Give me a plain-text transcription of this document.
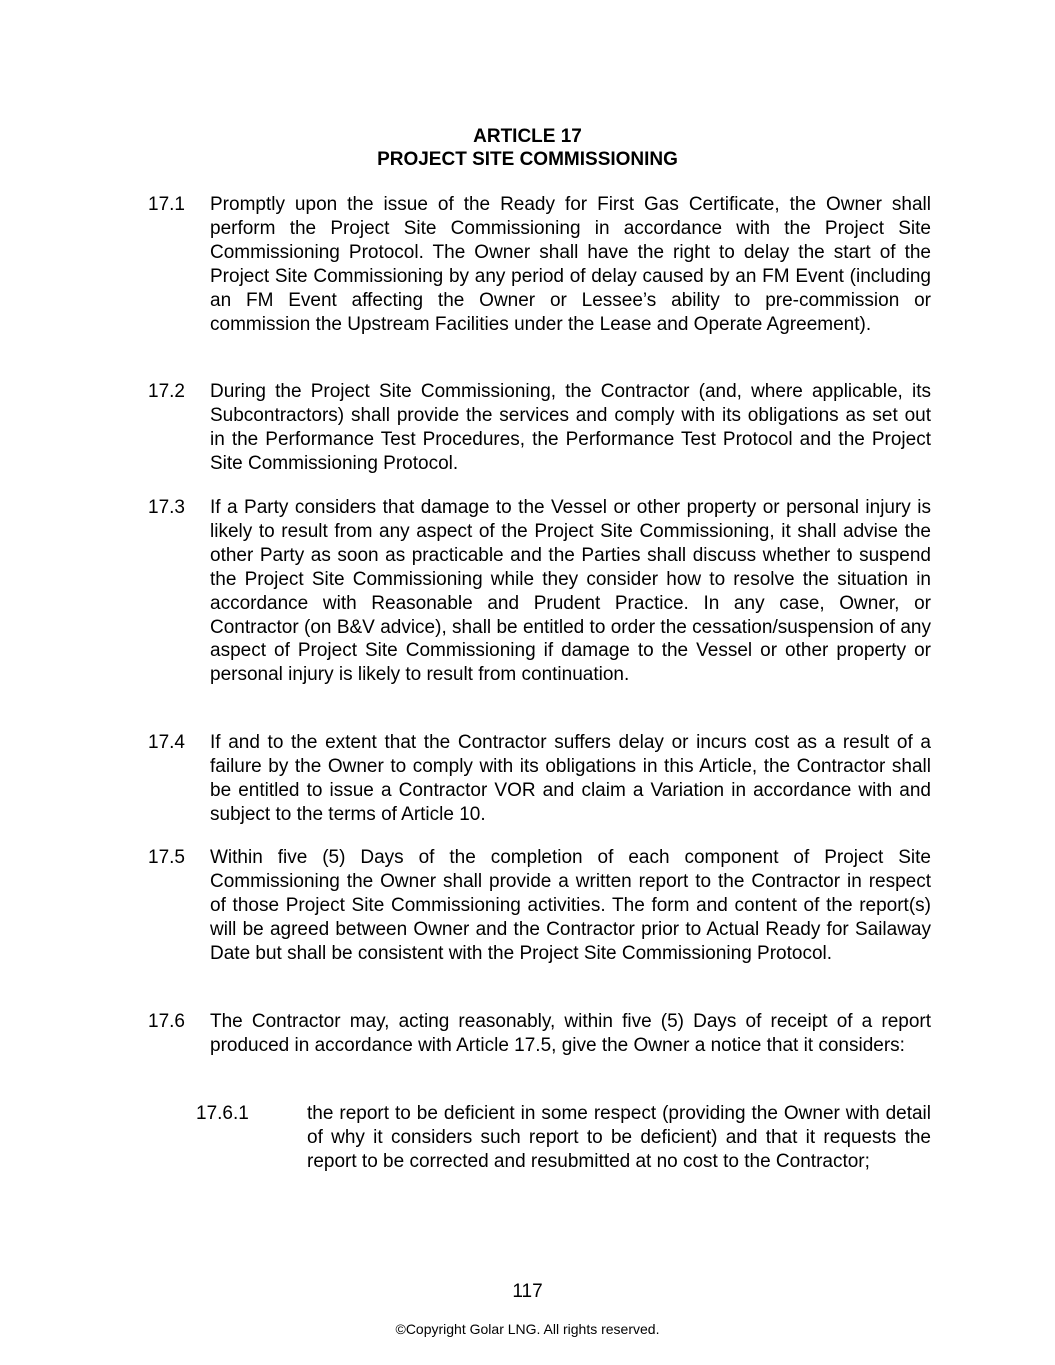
ARTICLE 17
PROJECT SITE COMMISSIONING
17.1	Promptly upon the issue of the Ready for First Gas Certificate, the Owner shall perform the Project Site Commissioning in accordance with the Project Site Commissioning Protocol. The Owner shall have the right to delay the start of the Project Site Commissioning by any period of delay caused by an FM Event (including an FM Event affecting the Owner or Lessee’s ability to pre-commission or commission the Upstream Facilities under the Lease and Operate Agreement).
17.2	During the Project Site Commissioning, the Contractor (and, where applicable, its Subcontractors) shall provide the services and comply with its obligations as set out in the Performance Test Procedures, the Performance Test Protocol and the Project Site Commissioning Protocol.
17.3	If a Party considers that damage to the Vessel or other property or personal injury is likely to result from any aspect of the Project Site Commissioning, it shall advise the other Party as soon as practicable and the Parties shall discuss whether to suspend the Project Site Commissioning while they consider how to resolve the situation in accordance with Reasonable and Prudent Practice. In any case, Owner, or Contractor (on B&V advice), shall be entitled to order the cessation/suspension of any aspect of Project Site Commissioning if damage to the Vessel or other property or personal injury is likely to result from continuation.
17.4	If and to the extent that the Contractor suffers delay or incurs cost as a result of a failure by the Owner to comply with its obligations in this Article, the Contractor shall be entitled to issue a Contractor VOR and claim a Variation in accordance with and subject to the terms of Article 10.
17.5	Within five (5) Days of the completion of each component of Project Site Commissioning the Owner shall provide a written report to the Contractor in respect of those Project Site Commissioning activities. The form and content of the report(s) will be agreed between Owner and the Contractor prior to Actual Ready for Sailaway Date but shall be consistent with the Project Site Commissioning Protocol.
17.6	The Contractor may, acting reasonably, within five (5) Days of receipt of a report produced in accordance with Article 17.5, give the Owner a notice that it considers:
17.6.1	the report to be deficient in some respect (providing the Owner with detail of why it considers such report to be deficient) and that it requests the report to be corrected and resubmitted at no cost to the Contractor;
117
©Copyright Golar LNG. All rights reserved.
